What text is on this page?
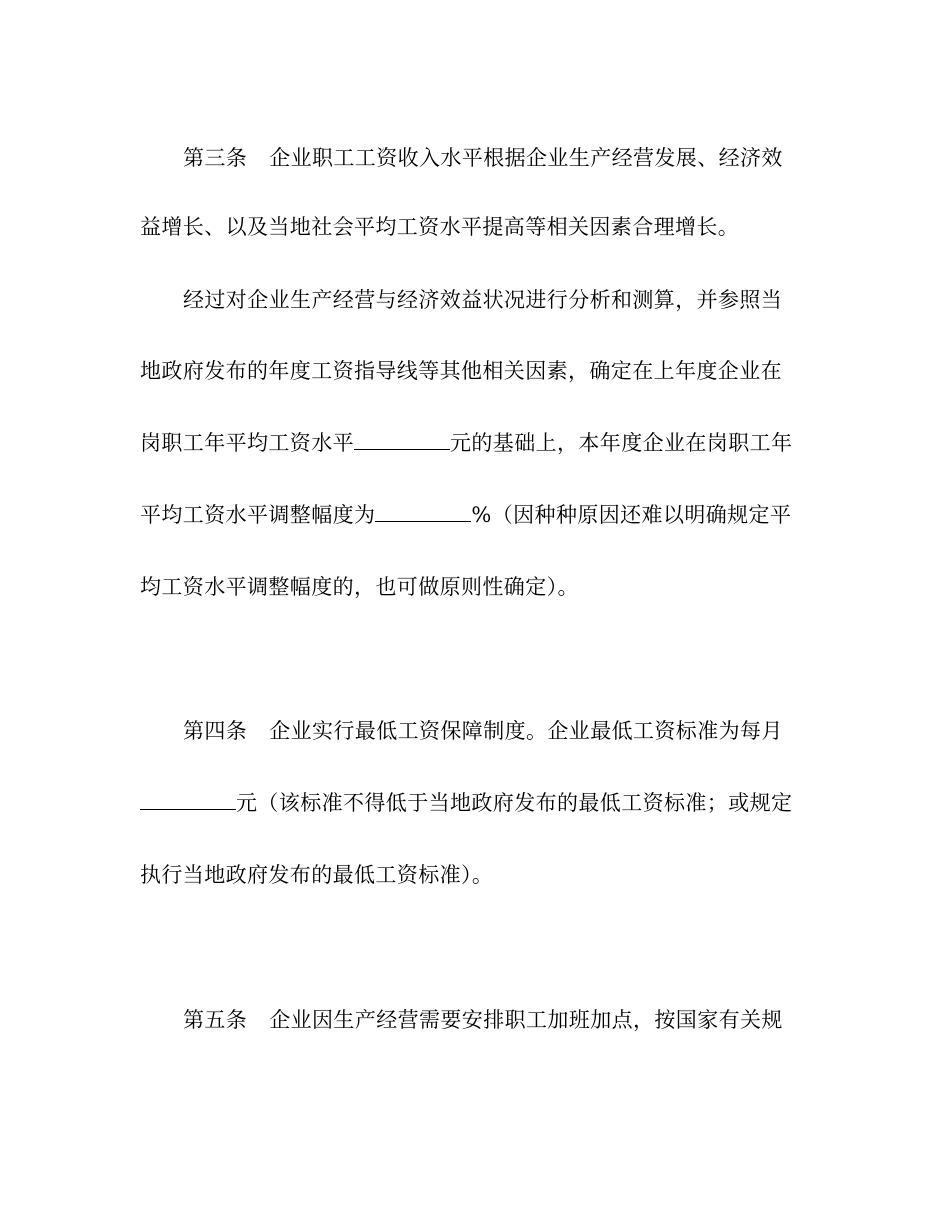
第三条 企业职工工资收入水平根据企业生产经营发展、经济效
益增长、以及当地社会平均工资水平提高等相关因素合理增长。
经过对企业生产经营与经济效益状况进行分析和测算，并参照当
地政府发布的年度工资指导线等其他相关因素，确定在上年度企业在
岗职工年平均工资水平	元的基础上，本年度企业在岗职工年
平均工资水平调整幅度为	%（因种种原因还难以明确规定平
均工资水平调整幅度的，也可做原则性确定）。
第四条 企业实行最低工资保障制度。企业最低工资标准为每月
元（该标准不得低于当地政府发布的最低工资标准；或规定
执行当地政府发布的最低工资标准）。
第五条 企业因生产经营需要安排职工加班加点，按国家有关规
